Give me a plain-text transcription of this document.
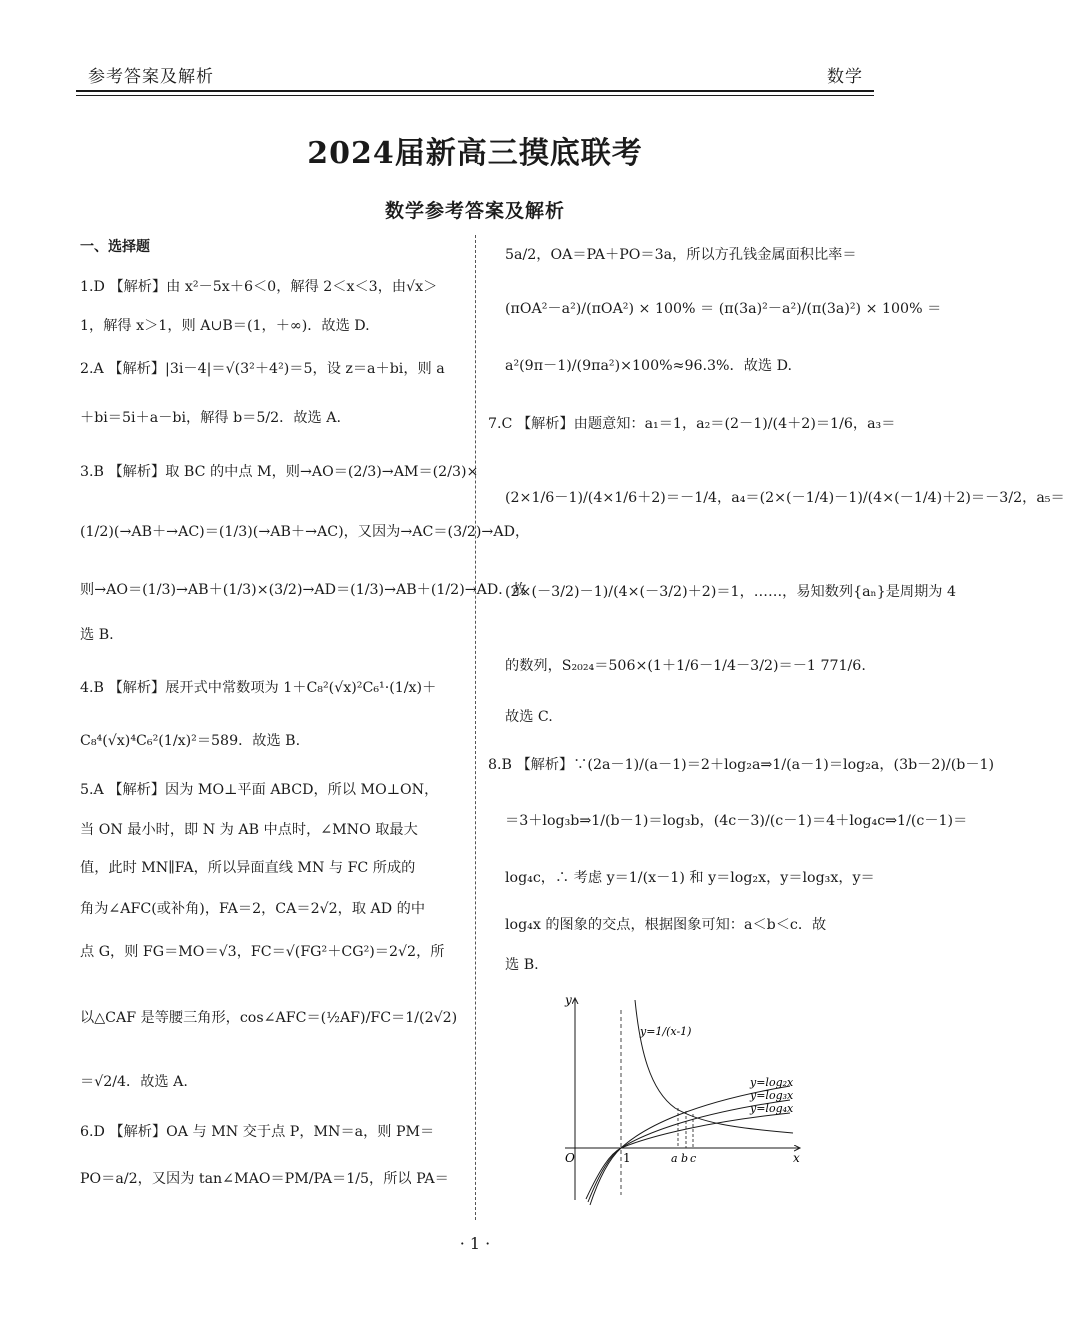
参考答案及解析	数学
2024届新高三摸底联考
数学参考答案及解析
一、选择题
1.D 【解析】由 x²－5x＋6＜0，解得 2＜x＜3，由√x＞
1，解得 x＞1，则 A∪B＝(1，＋∞)．故选 D.
2.A 【解析】|3i－4|＝√(3²＋4²)＝5，设 z＝a＋bi，则 a
＋bi＝5i＋a－bi，解得 b＝5/2．故选 A.
3.B 【解析】取 BC 的中点 M，则→AO＝(2/3)→AM＝(2/3)×
(1/2)(→AB＋→AC)＝(1/3)(→AB＋→AC)，又因为→AC＝(3/2)→AD，
则→AO＝(1/3)→AB＋(1/3)×(3/2)→AD＝(1/3)→AB＋(1/2)→AD．故
选 B.
4.B 【解析】展开式中常数项为 1＋C₈²(√x)²C₆¹·(1/x)＋
C₈⁴(√x)⁴C₆²(1/x)²＝589．故选 B.
5.A 【解析】因为 MO⊥平面 ABCD，所以 MO⊥ON，
当 ON 最小时，即 N 为 AB 中点时，∠MNO 取最大
值，此时 MN∥FA，所以异面直线 MN 与 FC 所成的
角为∠AFC(或补角)，FA＝2，CA＝2√2，取 AD 的中
点 G，则 FG＝MO＝√3，FC＝√(FG²＋CG²)＝2√2，所
以△CAF 是等腰三角形，cos∠AFC＝(½AF)/FC＝1/(2√2)
＝√2/4．故选 A.
6.D 【解析】OA 与 MN 交于点 P，MN＝a，则 PM＝
PO＝a/2，又因为 tan∠MAO＝PM/PA＝1/5，所以 PA＝
5a/2，OA＝PA＋PO＝3a，所以方孔钱金属面积比率＝
(πOA²－a²)/(πOA²) × 100% ＝ (π(3a)²－a²)/(π(3a)²) × 100% ＝
a²(9π－1)/(9πa²)×100%≈96.3%．故选 D.
7.C 【解析】由题意知：a₁＝1，a₂＝(2－1)/(4＋2)＝1/6，a₃＝
(2×1/6－1)/(4×1/6＋2)＝－1/4，a₄＝(2×(－1/4)－1)/(4×(－1/4)＋2)＝－3/2，a₅＝
(2×(－3/2)－1)/(4×(－3/2)＋2)＝1，……，易知数列{aₙ}是周期为 4
的数列，S₂₀₂₄＝506×(1＋1/6－1/4－3/2)＝－1 771/6.
故选 C.
8.B 【解析】∵(2a－1)/(a－1)＝2＋log₂a⇒1/(a－1)＝log₂a，(3b－2)/(b－1)
＝3＋log₃b⇒1/(b－1)＝log₃b，(4c－3)/(c－1)＝4＋log₄c⇒1/(c－1)＝
log₄c，∴ 考虑 y＝1/(x－1) 和 y＝log₂x，y＝log₃x，y＝
log₄x 的图象的交点，根据图象可知：a＜b＜c．故
选 B.
y
x
O	1	a b c
y=1/(x-1)
y=log₂x
y=log₃x
y=log₄x
· 1 ·
